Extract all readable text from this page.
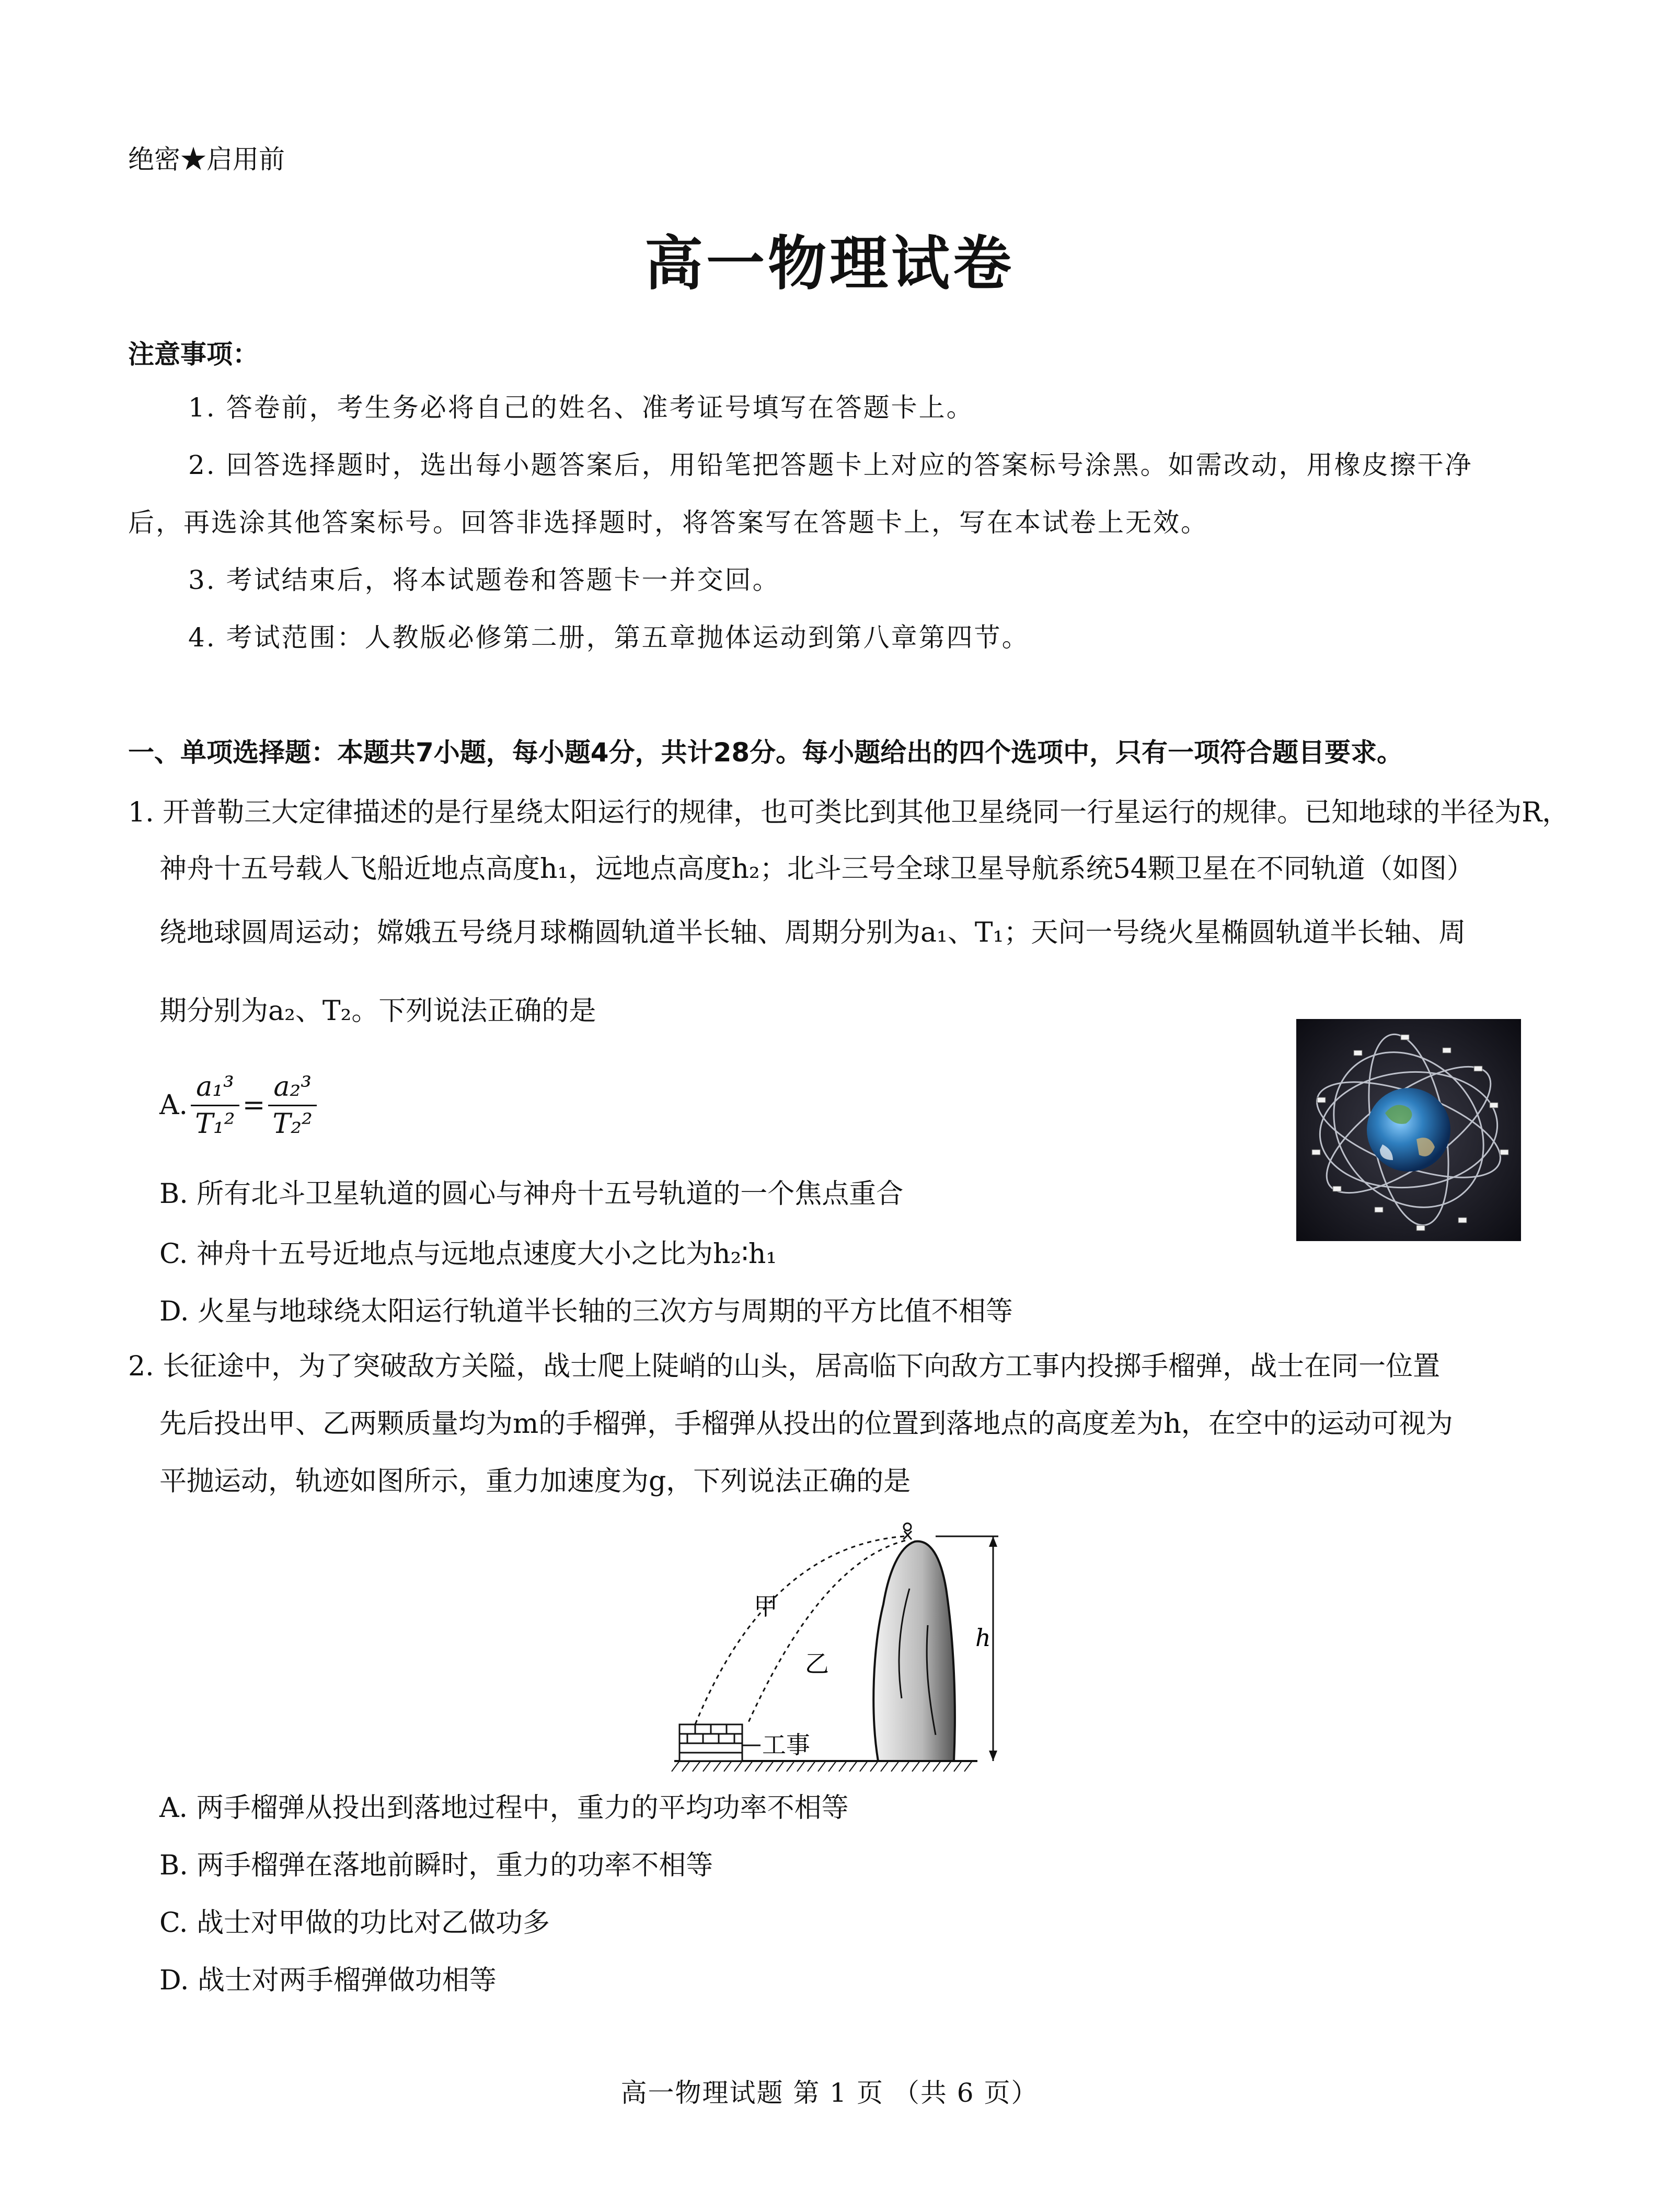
绝密★启用前
高一物理试卷
注意事项：
1. 答卷前，考生务必将自己的姓名、准考证号填写在答题卡上。
2. 回答选择题时，选出每小题答案后，用铅笔把答题卡上对应的答案标号涂黑。如需改动，用橡皮擦干净
后，再选涂其他答案标号。回答非选择题时，将答案写在答题卡上，写在本试卷上无效。
3. 考试结束后，将本试题卷和答题卡一并交回。
4. 考试范围：人教版必修第二册，第五章抛体运动到第八章第四节。
一、单项选择题：本题共7小题，每小题4分，共计28分。每小题给出的四个选项中，只有一项符合题目要求。
1. 开普勒三大定律描述的是行星绕太阳运行的规律，也可类比到其他卫星绕同一行星运行的规律。已知地球的半径为R，
神舟十五号载人飞船近地点高度h₁，远地点高度h₂；北斗三号全球卫星导航系统54颗卫星在不同轨道（如图）
绕地球圆周运动；嫦娥五号绕月球椭圆轨道半长轴、周期分别为a₁、T₁；天问一号绕火星椭圆轨道半长轴、周
期分别为a₂、T₂。下列说法正确的是
A. $\frac{\text{a₁³}}{\text{T₁²}} = \frac{\text{a₂³}}{\text{T₂²}}$
B. 所有北斗卫星轨道的圆心与神舟十五号轨道的一个焦点重合
C. 神舟十五号近地点与远地点速度大小之比为h₂∶h₁
D. 火星与地球绕太阳运行轨道半长轴的三次方与周期的平方比值不相等
2. 长征途中，为了突破敌方关隘，战士爬上陡峭的山头，居高临下向敌方工事内投掷手榴弹，战士在同一位置
先后投出甲、乙两颗质量均为m的手榴弹，手榴弹从投出的位置到落地点的高度差为h，在空中的运动可视为
平抛运动，轨迹如图所示，重力加速度为g，下列说法正确的是
甲
乙
h
工事
A. 两手榴弹从投出到落地过程中，重力的平均功率不相等
B. 两手榴弹在落地前瞬时，重力的功率不相等
C. 战士对甲做的功比对乙做功多
D. 战士对两手榴弹做功相等
高一物理试题 第 1 页 （共 6 页）
